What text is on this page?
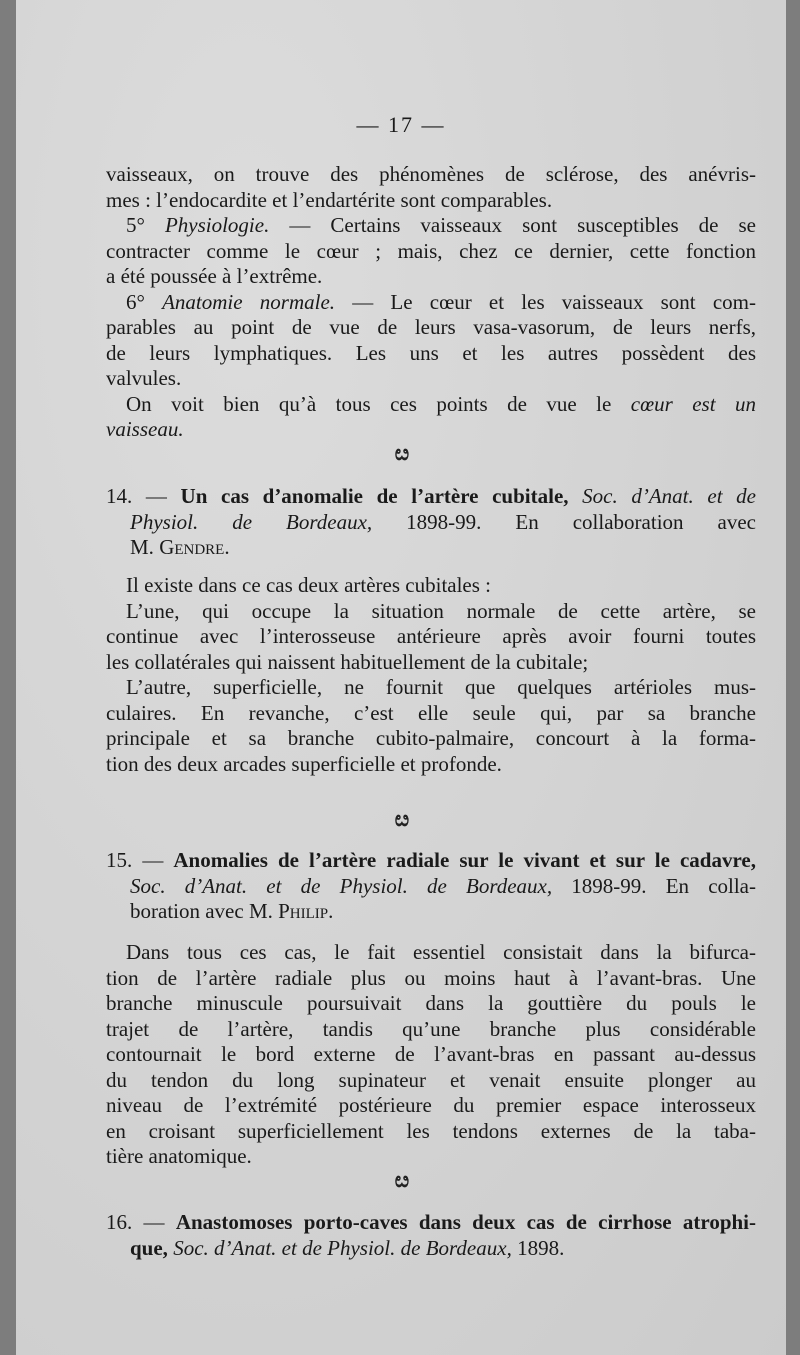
— 17 —
vaisseaux, on trouve des phénomènes de sclérose, des anévris-
mes : l’endocardite et l’endartérite sont comparables.
5° Physiologie. — Certains vaisseaux sont susceptibles de se
contracter comme le cœur ; mais, chez ce dernier, cette fonction
a été poussée à l’extrême.
6° Anatomie normale. — Le cœur et les vaisseaux sont com-
parables au point de vue de leurs vasa-vasorum, de leurs nerfs,
de leurs lymphatiques. Les uns et les autres possèdent des
valvules.
On voit bien qu’à tous ces points de vue le cœur est un
vaisseau.
ೞ
14. — Un cas d’anomalie de l’artère cubitale, Soc. d’Anat. et de
Physiol. de Bordeaux, 1898-99. En collaboration avec
M. Gendre.
Il existe dans ce cas deux artères cubitales :
L’une, qui occupe la situation normale de cette artère, se
continue avec l’interosseuse antérieure après avoir fourni toutes
les collatérales qui naissent habituellement de la cubitale;
L’autre, superficielle, ne fournit que quelques artérioles mus-
culaires. En revanche, c’est elle seule qui, par sa branche
principale et sa branche cubito-palmaire, concourt à la forma-
tion des deux arcades superficielle et profonde.
ೞ
15. — Anomalies de l’artère radiale sur le vivant et sur le cadavre,
Soc. d’Anat. et de Physiol. de Bordeaux, 1898-99. En colla-
boration avec M. Philip.
Dans tous ces cas, le fait essentiel consistait dans la bifurca-
tion de l’artère radiale plus ou moins haut à l’avant-bras. Une
branche minuscule poursuivait dans la gouttière du pouls le
trajet de l’artère, tandis qu’une branche plus considérable
contournait le bord externe de l’avant-bras en passant au-dessus
du tendon du long supinateur et venait ensuite plonger au
niveau de l’extrémité postérieure du premier espace interosseux
en croisant superficiellement les tendons externes de la taba-
tière anatomique.
ೞ
16. — Anastomoses porto-caves dans deux cas de cirrhose atrophi-
que, Soc. d’Anat. et de Physiol. de Bordeaux, 1898.
